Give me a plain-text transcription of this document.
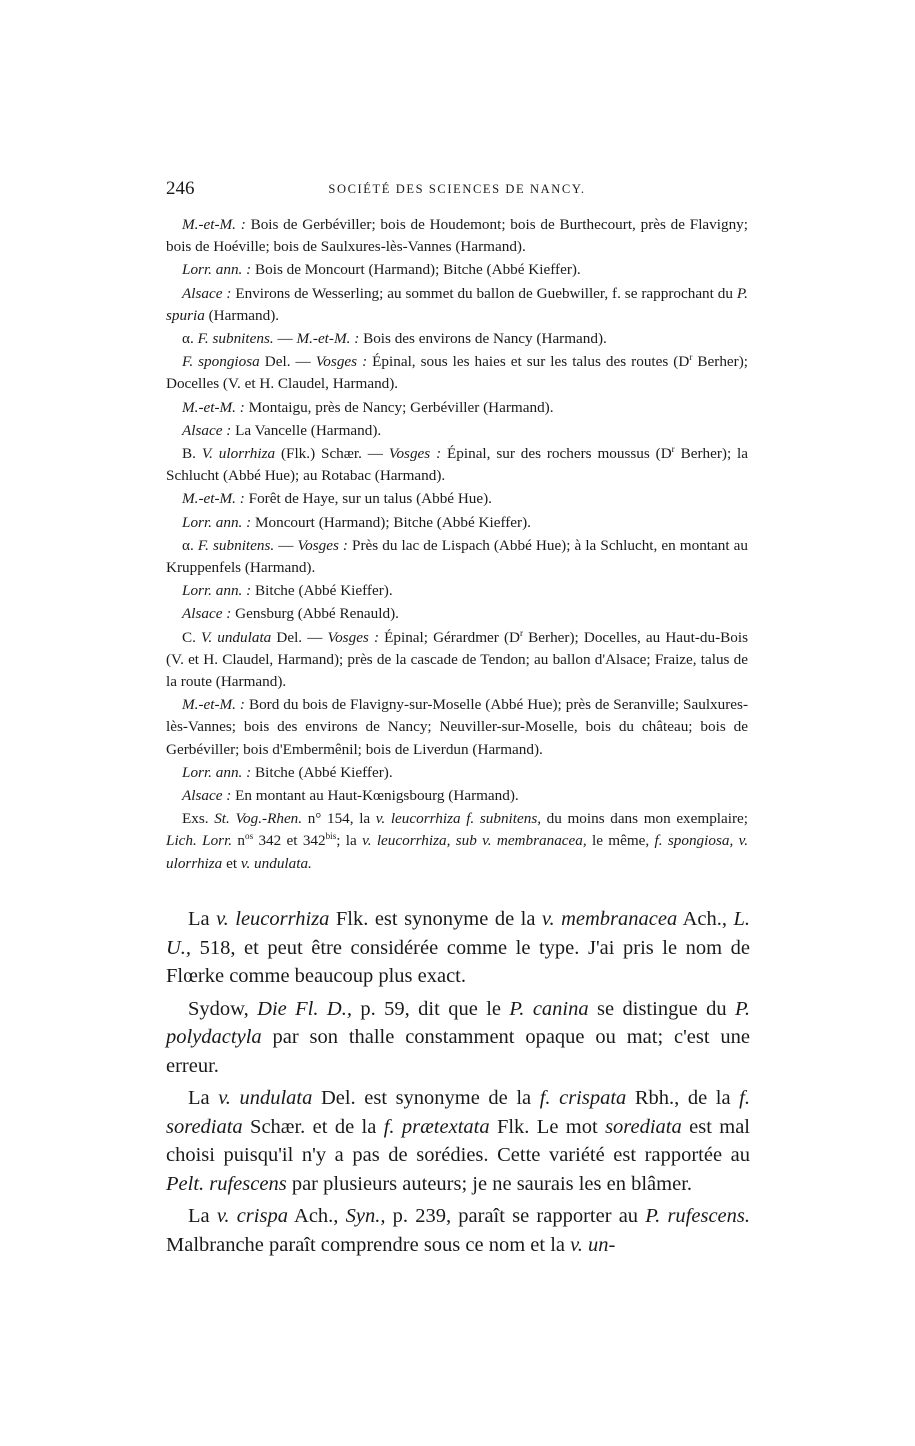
246	SOCIÉTÉ DES SCIENCES DE NANCY.

M.-et-M. : Bois de Gerbéviller; bois de Houdemont; bois de Burthecourt, près de Flavigny; bois de Hoéville; bois de Saulxures-lès-Vannes (Harmand).

Lorr. ann. : Bois de Moncourt (Harmand); Bitche (Abbé Kieffer).

Alsace : Environs de Wesserling; au sommet du ballon de Guebwiller, f. se rapprochant du P. spuria (Harmand).

α. F. subnitens. — M.-et-M. : Bois des environs de Nancy (Harmand).

F. spongiosa Del. — Vosges : Épinal, sous les haies et sur les talus des routes ($D^r$ Berher); Docelles (V. et H. Claudel, Harmand).

M.-et-M. : Montaigu, près de Nancy; Gerbéviller (Harmand).

Alsace : La Vancelle (Harmand).

B. V. ulorrhiza (Flk.) Schær. — Vosges : Épinal, sur des rochers moussus ($D^r$ Berher); la Schlucht (Abbé Hue); au Rotabac (Harmand).

M.-et-M. : Forêt de Haye, sur un talus (Abbé Hue).

Lorr. ann. : Moncourt (Harmand); Bitche (Abbé Kieffer).

α. F. subnitens. — Vosges : Près du lac de Lispach (Abbé Hue); à la Schlucht, en montant au Kruppenfels (Harmand).

Lorr. ann. : Bitche (Abbé Kieffer).

Alsace : Gensburg (Abbé Renauld).

C. V. undulata Del. — Vosges : Épinal; Gérardmer ($D^r$ Berher); Docelles, au Haut-du-Bois (V. et H. Claudel, Harmand); près de la cascade de Tendon; au ballon d'Alsace; Fraize, talus de la route (Harmand).

M.-et-M. : Bord du bois de Flavigny-sur-Moselle (Abbé Hue); près de Seranville; Saulxures-lès-Vannes; bois des environs de Nancy; Neuviller-sur-Moselle, bois du château; bois de Gerbéviller; bois d'Embermênil; bois de Liverdun (Harmand).

Lorr. ann. : Bitche (Abbé Kieffer).

Alsace : En montant au Haut-Kœnigsbourg (Harmand).

Exs. St. Vog.-Rhen. n° 154, la v. leucorrhiza f. subnitens, du moins dans mon exemplaire; Lich. Lorr. $n^{os}$ 342 et $342^{bis}$; la v. leucorrhiza, sub v. membranacea, le même, f. spongiosa, v. ulorrhiza et v. undulata.

La v. leucorrhiza Flk. est synonyme de la v. membranacea Ach., L. U., 518, et peut être considérée comme le type. J'ai pris le nom de Flœrke comme beaucoup plus exact.

Sydow, Die Fl. D., p. 59, dit que le P. canina se distingue du P. polydactyla par son thalle constamment opaque ou mat; c'est une erreur.

La v. undulata Del. est synonyme de la f. crispata Rbh., de la f. sorediata Schær. et de la f. prætextata Flk. Le mot sorediata est mal choisi puisqu'il n'y a pas de sorédies. Cette variété est rapportée au Pelt. rufescens par plusieurs auteurs; je ne saurais les en blâmer.

La v. crispa Ach., Syn., p. 239, paraît se rapporter au P. rufescens. Malbranche paraît comprendre sous ce nom et la v. un-
